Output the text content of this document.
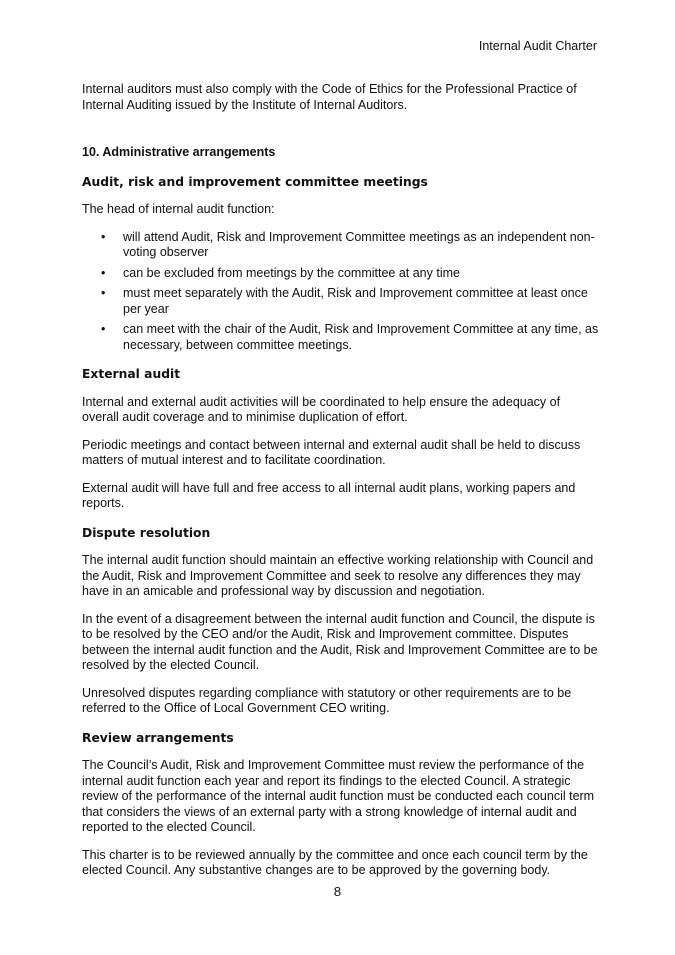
Internal Audit Charter

Internal auditors must also comply with the Code of Ethics for the Professional Practice of Internal Auditing issued by the Institute of Internal Auditors.

10. Administrative arrangements

Audit, risk and improvement committee meetings

The head of internal audit function:

• will attend Audit, Risk and Improvement Committee meetings as an independent non-voting observer
• can be excluded from meetings by the committee at any time
• must meet separately with the Audit, Risk and Improvement committee at least once per year
• can meet with the chair of the Audit, Risk and Improvement Committee at any time, as necessary, between committee meetings.

External audit

Internal and external audit activities will be coordinated to help ensure the adequacy of overall audit coverage and to minimise duplication of effort.

Periodic meetings and contact between internal and external audit shall be held to discuss matters of mutual interest and to facilitate coordination.

External audit will have full and free access to all internal audit plans, working papers and reports.

Dispute resolution

The internal audit function should maintain an effective working relationship with Council and the Audit, Risk and Improvement Committee and seek to resolve any differences they may have in an amicable and professional way by discussion and negotiation.

In the event of a disagreement between the internal audit function and Council, the dispute is to be resolved by the CEO and/or the Audit, Risk and Improvement committee. Disputes between the internal audit function and the Audit, Risk and Improvement Committee are to be resolved by the elected Council.

Unresolved disputes regarding compliance with statutory or other requirements are to be referred to the Office of Local Government CEO writing.

Review arrangements

The Council’s Audit, Risk and Improvement Committee must review the performance of the internal audit function each year and report its findings to the elected Council. A strategic review of the performance of the internal audit function must be conducted each council term that considers the views of an external party with a strong knowledge of internal audit and reported to the elected Council.

This charter is to be reviewed annually by the committee and once each council term by the elected Council. Any substantive changes are to be approved by the governing body.

8
